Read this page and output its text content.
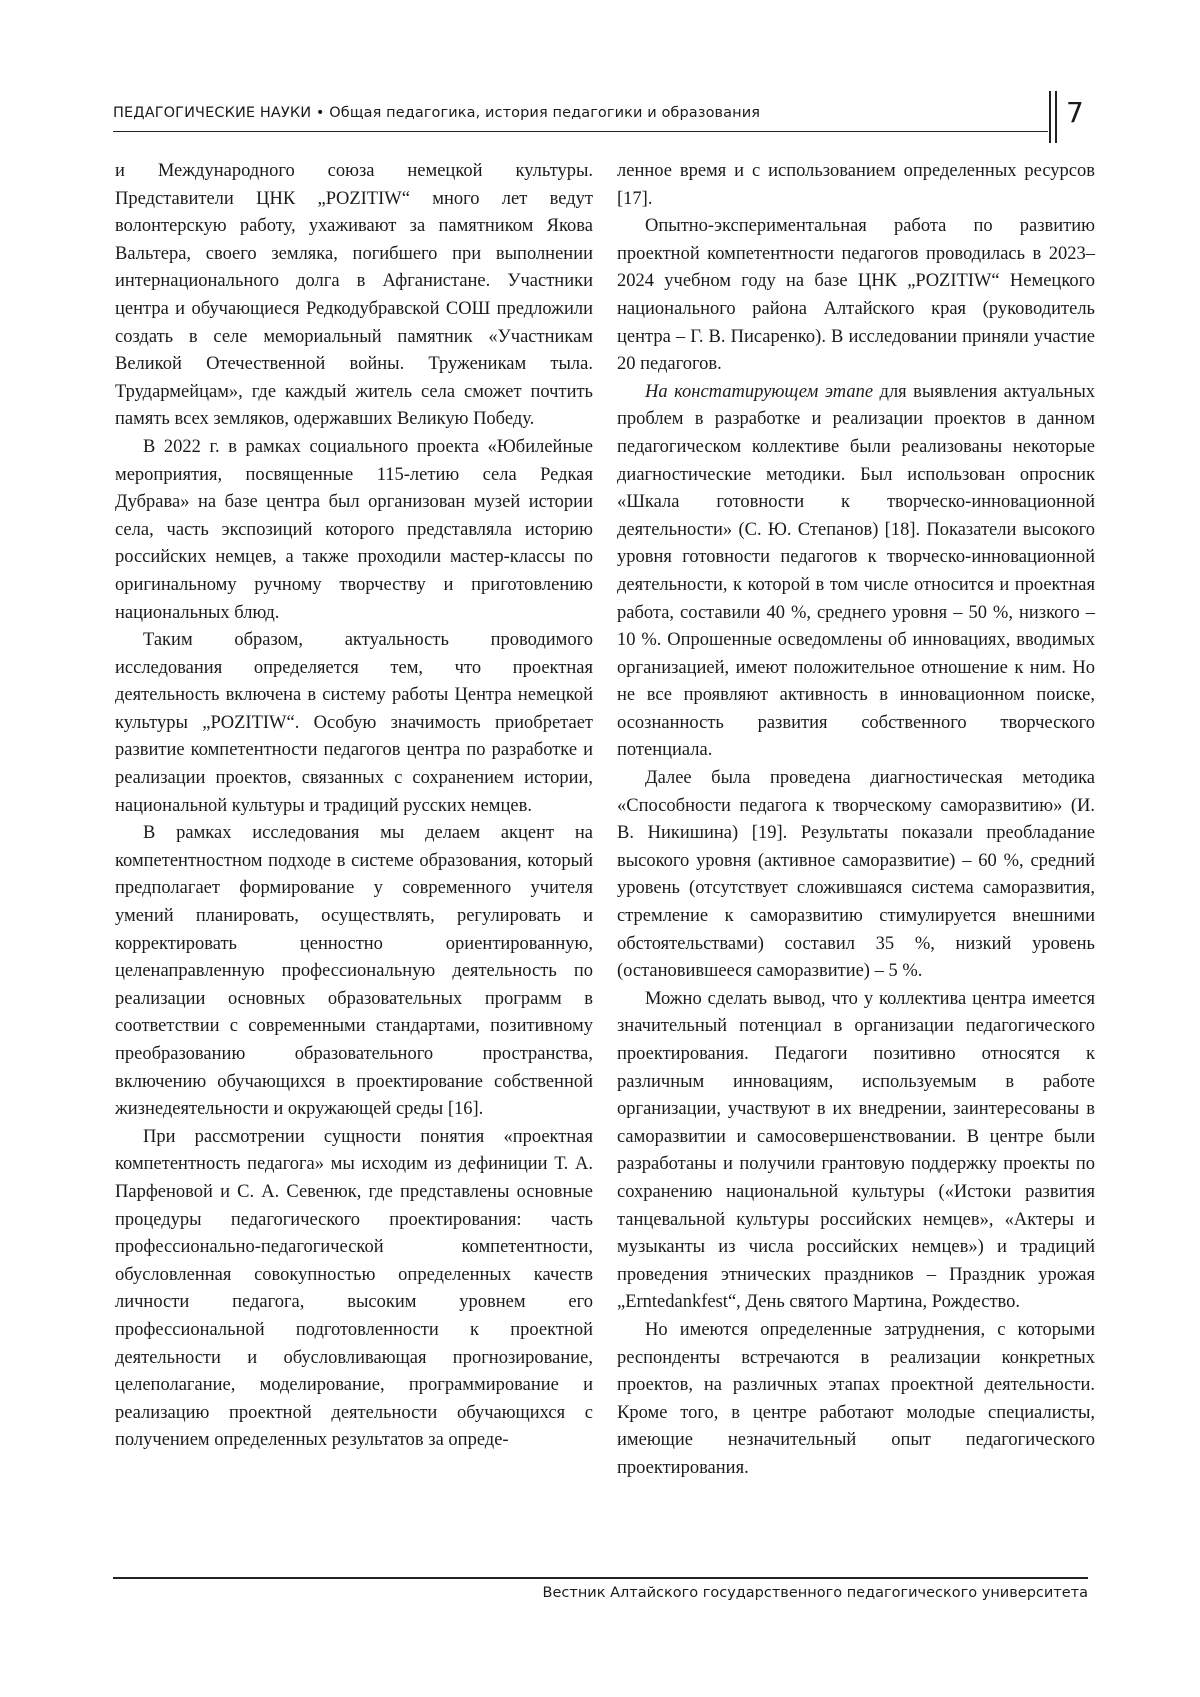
ПЕДАГОГИЧЕСКИЕ НАУКИ • Общая педагогика, история педагогики и образования	7

и Международного союза немецкой культуры. Представители ЦНК „POZITIW“ много лет ведут волонтерскую работу, ухаживают за памятником Якова Вальтера, своего земляка, погибшего при выполнении интернационального долга в Афганистане. Участники центра и обучающиеся Редкодубравской СОШ предложили создать в селе мемориальный памятник «Участникам Великой Отечественной войны. Труженикам тыла. Трудармейцам», где каждый житель села сможет почтить память всех земляков, одержавших Великую Победу.

В 2022 г. в рамках социального проекта «Юбилейные мероприятия, посвященные 115-летию села Редкая Дубрава» на базе центра был организован музей истории села, часть экспозиций которого представляла историю российских немцев, а также проходили мастер-классы по оригинальному ручному творчеству и приготовлению национальных блюд.

Таким образом, актуальность проводимого исследования определяется тем, что проектная деятельность включена в систему работы Центра немецкой культуры „POZITIW“. Особую значимость приобретает развитие компетентности педагогов центра по разработке и реализации проектов, связанных с сохранением истории, национальной культуры и традиций русских немцев.

В рамках исследования мы делаем акцент на компетентностном подходе в системе образования, который предполагает формирование у современного учителя умений планировать, осуществлять, регулировать и корректировать ценностно ориентированную, целенаправленную профессиональную деятельность по реализации основных образовательных программ в соответствии с современными стандартами, позитивному преобразованию образовательного пространства, включению обучающихся в проектирование собственной жизнедеятельности и окружающей среды [16].

При рассмотрении сущности понятия «проектная компетентность педагога» мы исходим из дефиниции Т. А. Парфеновой и С. А. Севенюк, где представлены основные процедуры педагогического проектирования: часть профессионально-педагогической компетентности, обусловленная совокупностью определенных качеств личности педагога, высоким уровнем его профессиональной подготовленности к проектной деятельности и обусловливающая прогнозирование, целеполагание, моделирование, программирование и реализацию проектной деятельности обучающихся с получением определенных результатов за опреде-

ленное время и с использованием определенных ресурсов [17].

Опытно-экспериментальная работа по развитию проектной компетентности педагогов проводилась в 2023–2024 учебном году на базе ЦНК „POZITIW“ Немецкого национального района Алтайского края (руководитель центра – Г. В. Писаренко). В исследовании приняли участие 20 педагогов.

На констатирующем этапе для выявления актуальных проблем в разработке и реализации проектов в данном педагогическом коллективе были реализованы некоторые диагностические методики. Был использован опросник «Шкала готовности к творческо-инновационной деятельности» (С. Ю. Степанов) [18]. Показатели высокого уровня готовности педагогов к творческо-инновационной деятельности, к которой в том числе относится и проектная работа, составили 40 %, среднего уровня – 50 %, низкого – 10 %. Опрошенные осведомлены об инновациях, вводимых организацией, имеют положительное отношение к ним. Но не все проявляют активность в инновационном поиске, осознанность развития собственного творческого потенциала.

Далее была проведена диагностическая методика «Способности педагога к творческому саморазвитию» (И. В. Никишина) [19]. Результаты показали преобладание высокого уровня (активное саморазвитие) – 60 %, средний уровень (отсутствует сложившаяся система саморазвития, стремление к саморазвитию стимулируется внешними обстоятельствами) составил 35 %, низкий уровень (остановившееся саморазвитие) – 5 %.

Можно сделать вывод, что у коллектива центра имеется значительный потенциал в организации педагогического проектирования. Педагоги позитивно относятся к различным инновациям, используемым в работе организации, участвуют в их внедрении, заинтересованы в саморазвитии и самосовершенствовании. В центре были разработаны и получили грантовую поддержку проекты по сохранению национальной культуры («Истоки развития танцевальной культуры российских немцев», «Актеры и музыканты из числа российских немцев») и традиций проведения этнических праздников – Праздник урожая „Erntedankfest“, День святого Мартина, Рождество.

Но имеются определенные затруднения, с которыми респонденты встречаются в реализации конкретных проектов, на различных этапах проектной деятельности. Кроме того, в центре работают молодые специалисты, имеющие незначительный опыт педагогического проектирования.

Вестник Алтайского государственного педагогического университета
